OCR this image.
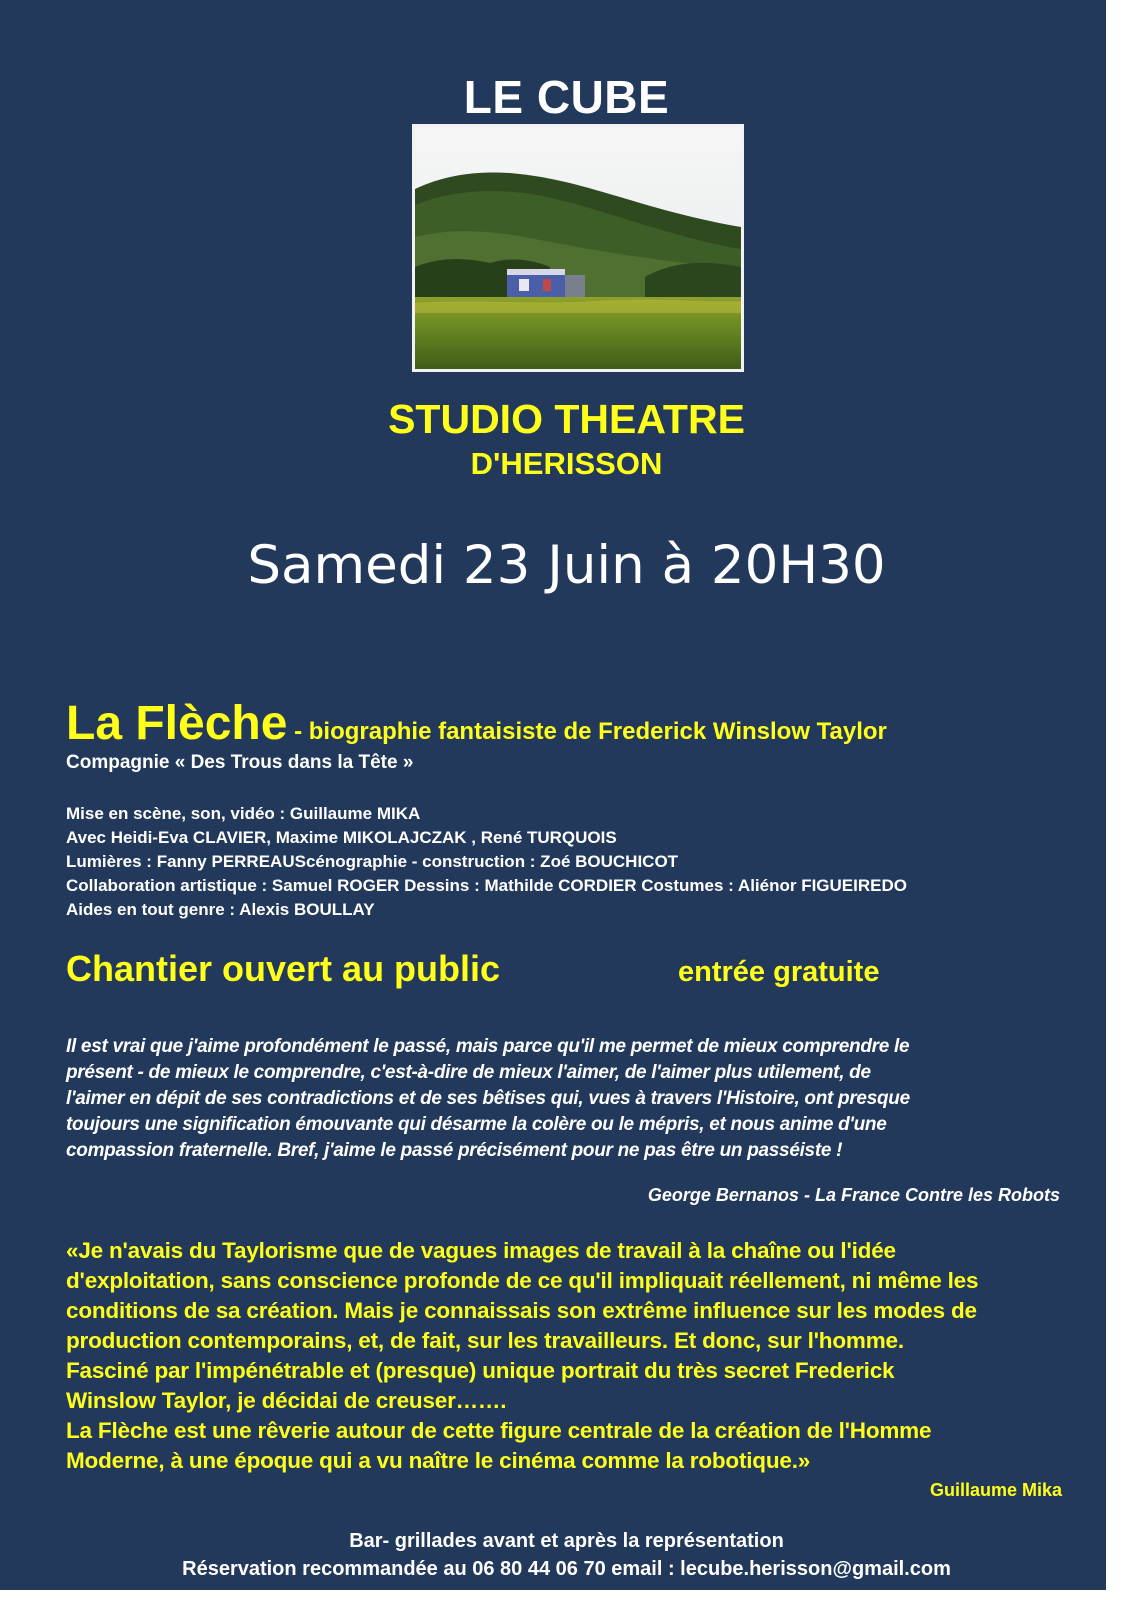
LE CUBE
STUDIO THEATRE
D'HERISSON
Samedi 23 Juin à 20H30
La Flèche - biographie fantaisiste de Frederick Winslow Taylor
Compagnie « Des Trous dans la Tête »
Mise en scène, son, vidéo : Guillaume MIKA
Avec Heidi-Eva CLAVIER, Maxime MIKOLAJCZAK , René TURQUOIS
Lumières : Fanny PERREAUScénographie - construction : Zoé BOUCHICOT
Collaboration artistique : Samuel ROGER Dessins : Mathilde CORDIER Costumes : Aliénor FIGUEIREDO
Aides en tout genre : Alexis BOULLAY
Chantier ouvert au public	entrée gratuite
Il est vrai que j'aime profondément le passé, mais parce qu'il me permet de mieux comprendre le
présent - de mieux le comprendre, c'est-à-dire de mieux l'aimer, de l'aimer plus utilement, de
l'aimer en dépit de ses contradictions et de ses bêtises qui, vues à travers l'Histoire, ont presque
toujours une signification émouvante qui désarme la colère ou le mépris, et nous anime d'une
compassion fraternelle. Bref, j'aime le passé précisément pour ne pas être un passéiste !
George Bernanos - La France Contre les Robots
«Je n'avais du Taylorisme que de vagues images de travail à la chaîne ou l'idée
d'exploitation, sans conscience profonde de ce qu'il impliquait réellement, ni même les
conditions de sa création. Mais je connaissais son extrême influence sur les modes de
production contemporains, et, de fait, sur les travailleurs. Et donc, sur l'homme.
Fasciné par l'impénétrable et (presque) unique portrait du très secret Frederick
Winslow Taylor, je décidai de creuser…….
La Flèche est une rêverie autour de cette figure centrale de la création de l'Homme
Moderne, à une époque qui a vu naître le cinéma comme la robotique.»
Guillaume Mika
Bar- grillades avant et après la représentation
Réservation recommandée au 06 80 44 06 70 email : lecube.herisson@gmail.com
